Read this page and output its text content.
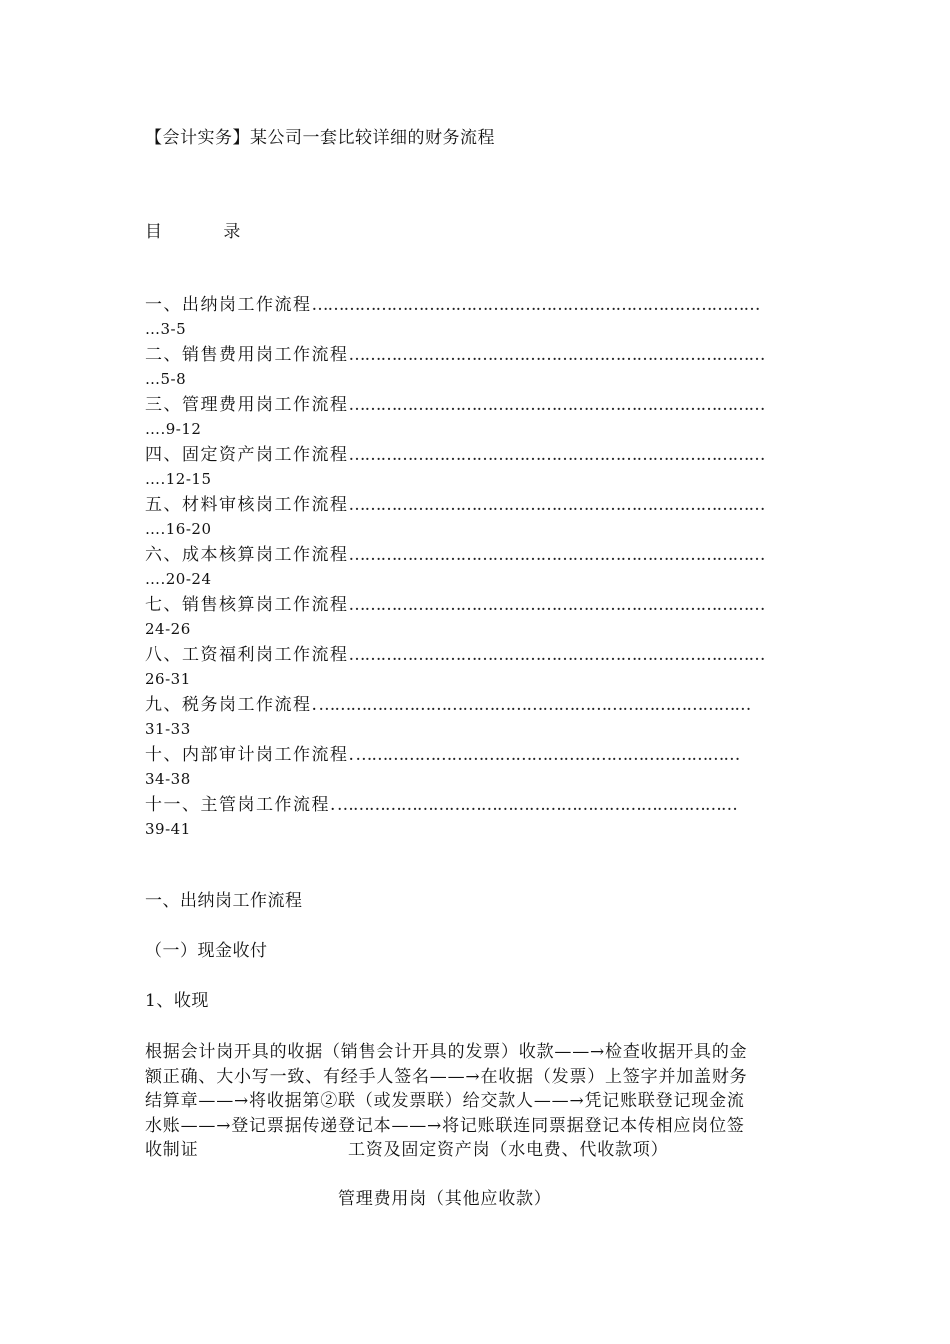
【会计实务】某公司一套比较详细的财务流程
目 录
一、出纳岗工作流程…………………………………………………………………………
…3-5
二、销售费用岗工作流程……………………………………………………………………
…5-8
三、管理费用岗工作流程……………………………………………………………………
….9-12
四、固定资产岗工作流程……………………………………………………………………
….12-15
五、材料审核岗工作流程……………………………………………………………………
….16-20
六、成本核算岗工作流程……………………………………………………………………
….20-24
七、销售核算岗工作流程……………………………………………………………………
24-26
八、工资福利岗工作流程……………………………………………………………………
26-31
九、税务岗工作流程.………………………………………………………………………
31-33
十、内部审计岗工作流程.………………………………………………………………
34-38
十一、主管岗工作流程.…………………………………………………………………
39-41
一、出纳岗工作流程
（一）现金收付
1、收现

根据会计岗开具的收据（销售会计开具的发票）收款——→检查收据开具的金

额正确、大小写一致、有经手人签名——→在收据（发票）上签字并加盖财务

结算章——→将收据第②联（或发票联）给交款人——→凭记账联登记现金流

水账——→登记票据传递登记本——→将记账联连同票据登记本传相应岗位签

收制证	工资及固定资产岗（水电费、代收款项）
管理费用岗（其他应收款）
